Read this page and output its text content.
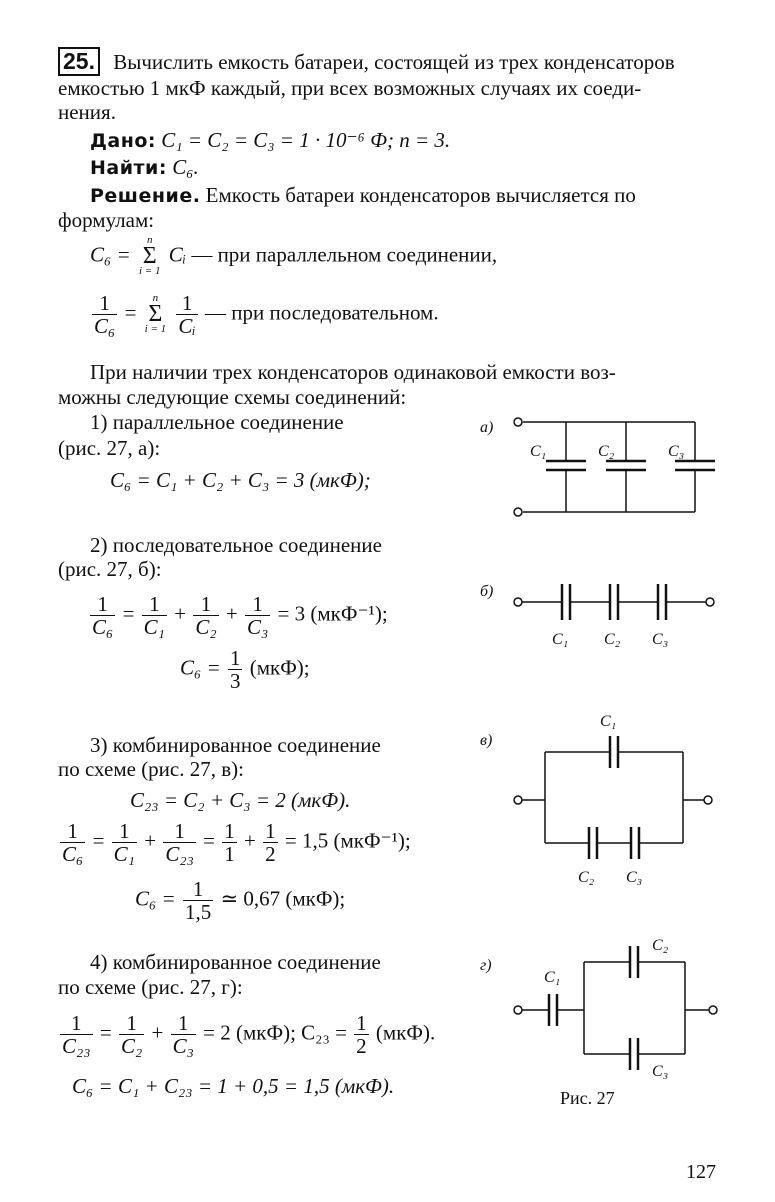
25. Вычислить емкость батареи, состоящей из трех конденсаторов
емкостью 1 мкФ каждый, при всех возможных случаях их соеди-
нения.
Дано: C₁ = C₂ = C₃ = 1 · 10⁻⁶ Ф; n = 3.
Найти: C₆.
Решение. Емкость батареи конденсаторов вычисляется по
формулам:
C₆ =
n
Σ
i = 1
Cᵢ — при параллельном соединении,
$\frac{1}{\text{C₆}}$ =
n
Σ
i = 1
$\frac{1}{\text{Cᵢ}}$ — при последовательном.
При наличии трех конденсаторов одинаковой емкости воз-
можны следующие схемы соединений:
1) параллельное соединение
(рис. 27, а):
C₆ = C₁ + C₂ + C₃ = 3 (мкФ);
2) последовательное соединение
(рис. 27, б):
$\frac{1}{\text{C₆}} = \frac{1}{\text{C₁}} + \frac{1}{\text{C₂}} + \frac{1}{\text{C₃}} = 3$ (мкФ⁻¹);
$C_6 = \frac{1}{3} (мкФ)$;
3) комбинированное соединение
по схеме (рис. 27, в):
C₂₃ = C₂ + C₃ = 2 (мкФ).
$\frac{1}{\text{C₆}} = \frac{1}{\text{C₁}} + \frac{1}{\text{C₂₃}} = \frac{1}{1} + \frac{1}{2} = 1,5$ (мкФ⁻¹);
$C_6 = \frac{1}{1,5}$ ≃ 0,67 (мкФ);
4) комбинированное соединение
по схеме (рис. 27, г):
$\frac{1}{\text{C₂₃}} = \frac{1}{\text{C₂}} + \frac{1}{\text{C₃}} = 2$ (мкФ); $C_{23} = \frac{1}{2} (мкФ)$.
C₆ = C₁ + C₂₃ = 1 + 0,5 = 1,5 (мкФ).
а)
C₁	C₂	C₃
б)
C₁ C₂ C₃
в)
C₁
C₂ C₃
г)
C₁
C₂
C₃
Рис. 27
127
